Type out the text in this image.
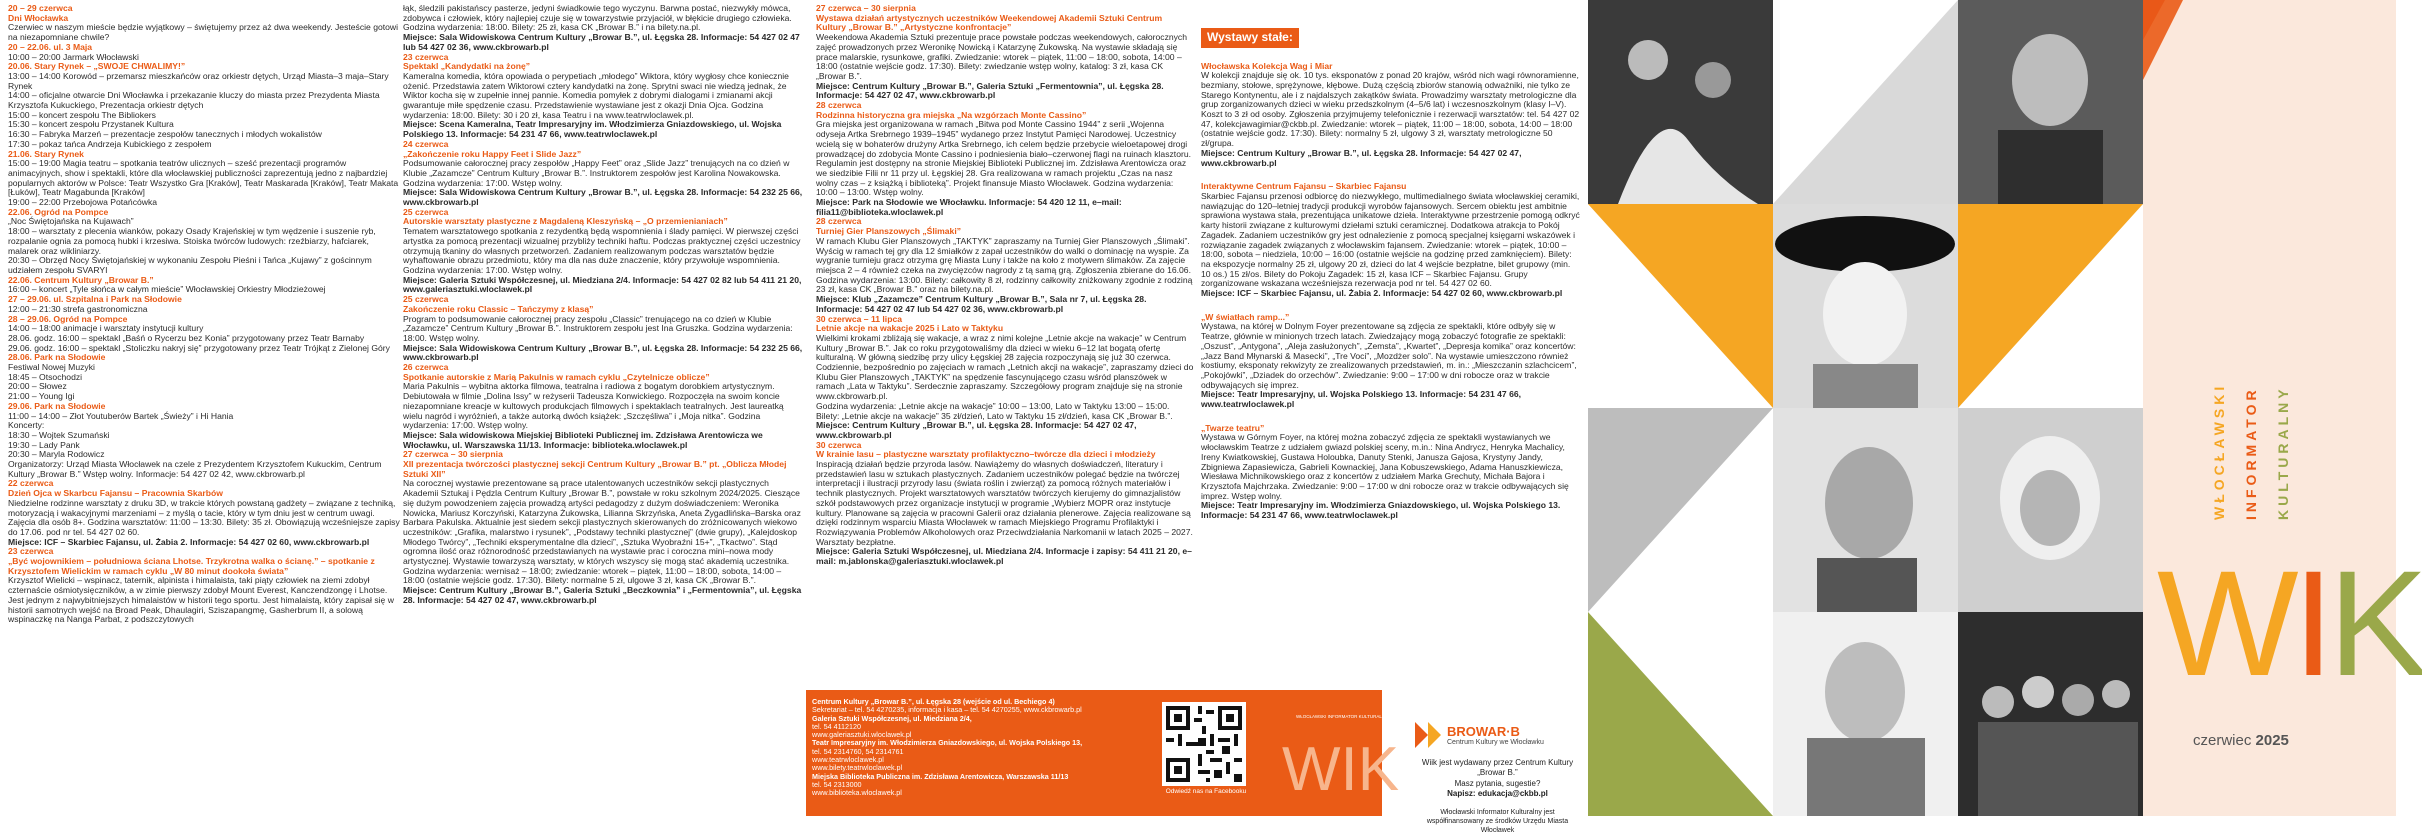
20 – 29 czerwca

Dni Włocławka

Czerwiec w naszym mieście będzie wyjątkowy – świętujemy przez aż dwa weekendy. Jesteście gotowi na niezapomniane chwile?

20 – 22.06. ul. 3 Maja

10:00 – 20:00 Jarmark Włocławski

20.06. Stary Rynek – „SWOJE CHWALIMY!”

13:00 – 14:00 Korowód – przemarsz mieszkańców oraz orkiestr dętych, Urząd Miasta–3 maja–Stary Rynek

14:00 – oficjalne otwarcie Dni Włocławka i przekazanie kluczy do miasta przez Prezydenta Miasta Krzysztofa Kukuckiego, Prezentacja orkiestr dętych

15:00 – koncert zespołu The Bibliokers

15:30 – koncert zespołu Przystanek Kultura

16:30 – Fabryka Marzeń – prezentacje zespołów tanecznych i młodych wokalistów

17:30 – pokaz tańca Andrzeja Kubickiego z zespołem

21.06. Stary Rynek

15:00 – 19:00 Magia teatru – spotkania teatrów ulicznych – sześć prezentacji programów animacyjnych, show i spektakli, które dla włocławskiej publiczności zaprezentują jedno z najbardziej popularnych aktorów w Polsce: Teatr Wszystko Gra [Kraków], Teatr Maskarada [Kraków], Teatr Makata [Łuków], Teatr Magabunda [Kraków]

19:00 – 22:00 Przebojowa Potańcówka

22.06. Ogród na Pompce

„Noc Świętojańska na Kujawach”

18:00 – warsztaty z plecenia wianków, pokazy Osady Krajeńskiej w tym wędzenie i suszenie ryb, rozpalanie ognia za pomocą hubki i krzesiwa. Stoiska twórców ludowych: rzeźbiarzy, hafciarek, malarek oraz wikliniarzy.

20:30 – Obrzęd Nocy Świętojańskiej w wykonaniu Zespołu Pieśni i Tańca „Kujawy” z gościnnym udziałem zespołu SVARYI

22.06. Centrum Kultury „Browar B.”

16:00 – koncert „Tyle słońca w całym mieście” Włocławskiej Orkiestry Młodzieżowej

27 – 29.06. ul. Szpitalna i Park na Słodowie

12:00 – 21:30 strefa gastronomiczna

28 – 29.06. Ogród na Pompce

14:00 – 18:00 animacje i warsztaty instytucji kultury

28.06. godz. 16:00 – spektakl „Baśń o Rycerzu bez Konia” przygotowany przez Teatr Barnaby

29.06. godz. 16:00 – spektakl „Stoliczku nakryj się” przygotowany przez Teatr Trójkąt z Zielonej Góry

28.06. Park na Słodowie

Festiwal Nowej Muzyki

18:45 – Otsochodzi

20:00 – Słowez

21:00 – Young Igi

29.06. Park na Słodowie

11:00 – 14:00 – Złot Youtuberów Bartek „Świeży” i Hi Hania

Koncerty:

18:30 – Wojtek Szumański

19:30 – Lady Pank

20:30 – Maryla Rodowicz

Organizatorzy: Urząd Miasta Włocławek na czele z Prezydentem Krzysztofem Kukuckim, Centrum Kultury „Browar B.” Wstęp wolny. Informacje: 54 427 02 42, www.ckbrowarb.pl

22 czerwca

Dzień Ojca w Skarbcu Fajansu – Pracownia Skarbów

Niedzielne rodzinne warsztaty z druku 3D, w trakcie których powstaną gadżety – związane z techniką, motoryzacją i wakacyjnymi marzeniami – z myślą o tacie, który w tym dniu jest w centrum uwagi. Zajęcia dla osób 8+. Godzina warsztatów: 11:00 – 13:30. Bilety: 35 zł. Obowiązują wcześniejsze zapisy do 17.06. pod nr tel. 54 427 02 60.

Miejsce: ICF – Skarbiec Fajansu, ul. Żabia 2. Informacje: 54 427 02 60, www.ckbrowarb.pl

23 czerwca

„Być wojownikiem – południowa ściana Lhotse. Trzykrotna walka o ścianę.” – spotkanie z Krzysztofem Wielickim w ramach cyklu „W 80 minut dookoła świata”

Krzysztof Wielicki – wspinacz, taternik, alpinista i himalaista, taki piąty człowiek na ziemi zdobył czternaście ośmiotysięczników, a w zimie pierwszy zdobył Mount Everest, Kanczendzongę i Lhotse. Jest jednym z najwybitniejszych himalaistów w historii tego sportu. Jest himalaistą, który zapisał się w historii samotnych wejść na Broad Peak, Dhaulagiri, Sziszapangmę, Gasherbrum II, a solową wspinaczkę na Nanga Parbat, z podszczytowych

łąk, śledzili pakistańscy pasterze, jedyni świadkowie tego wyczynu. Barwna postać, niezwykły mówca, zdobywca i człowiek, który najlepiej czuje się w towarzystwie przyjaciół, w błękicie drugiego człowieka. Godzina wydarzenia: 18:00. Bilety: 25 zł, kasa CK „Browar B.” i na bilety.na.pl.

Miejsce: Sala Widowiskowa Centrum Kultury „Browar B.”, ul. Łęgska 28. Informacje: 54 427 02 47 lub 54 427 02 36, www.ckbrowarb.pl

23 czerwca

Spektakl „Kandydatki na żonę”

Kameralna komedia, która opowiada o perypetiach „młodego” Wiktora, który wygłosy chce koniecznie ożenić. Przedstawia zatem Wiktorowi cztery kandydatki na żonę. Sprytni swaci nie wiedzą jednak, że Wiktor kocha się w zupełnie innej pannie. Komedia pomyłek z dobrymi dialogami i zmianami akcji gwarantuje miłe spędzenie czasu. Przedstawienie wystawiane jest z okazji Dnia Ojca. Godzina wydarzenia: 18:00. Bilety: 30 i 20 zł, kasa Teatru i na www.teatrwloclawek.pl.

Miejsce: Scena Kameralna, Teatr Impresaryjny im. Włodzimierza Gniazdowskiego, ul. Wojska Polskiego 13. Informacje: 54 231 47 66, www.teatrwloclawek.pl

24 czerwca

„Zakończenie roku Happy Feet i Slide Jazz”

Podsumowanie całorocznej pracy zespołów „Happy Feet” oraz „Slide Jazz” trenujących na co dzień w Klubie „Zazamcze” Centrum Kultury „Browar B.”. Instruktorem zespołów jest Karolina Nowakowska. Godzina wydarzenia: 17:00. Wstęp wolny.

Miejsce: Sala Widowiskowa Centrum Kultury „Browar B.”, ul. Łęgska 28. Informacje: 54 232 25 66, www.ckbrowarb.pl

25 czerwca

Autorskie warsztaty plastyczne z Magdaleną Kleszyńską – „O przemienianiach”

Tematem warsztatowego spotkania z rezydentką będą wspomnienia i ślady pamięci. W pierwszej części artystka za pomocą prezentacji wizualnej przybliży techniki haftu. Podczas praktycznej części uczestnicy otrzymują tkaniny do własnych przetworzeń. Zadaniem realizowanym podczas warsztatów będzie wyhaftowanie obrazu przedmiotu, który ma dla nas duże znaczenie, który przywołuje wspomnienia. Godzina wydarzenia: 17:00. Wstęp wolny.

Miejsce: Galeria Sztuki Współczesnej, ul. Miedziana 2/4. Informacje: 54 427 02 82 lub 54 411 21 20, www.galeriasztuki.wloclawek.pl

25 czerwca

Zakończenie roku Classic – Tańczymy z klasą”

Program to podsumowanie całorocznej pracy zespołu „Classic” trenującego na co dzień w Klubie „Zazamcze” Centrum Kultury „Browar B.”. Instruktorem zespołu jest Ina Gruszka. Godzina wydarzenia: 18:00. Wstęp wolny.

Miejsce: Sala Widowiskowa Centrum Kultury „Browar B.”, ul. Łęgska 28. Informacje: 54 232 25 66, www.ckbrowarb.pl

26 czerwca

Spotkanie autorskie z Marią Pakulnis w ramach cyklu „Czytelnicze oblicze”

Maria Pakulnis – wybitna aktorka filmowa, teatralna i radiowa z bogatym dorobkiem artystycznym. Debiutowała w filmie „Dolina Issy” w reżyserii Tadeusza Konwickiego. Rozpoczęła na swoim koncie niezapomniane kreacje w kultowych produkcjach filmowych i spektaklach teatralnych. Jest laureatką wielu nagród i wyróżnień, a także autorką dwóch książek: „Szczęśliwa” i „Moja nitka”. Godzina wydarzenia: 17:00. Wstęp wolny.

Miejsce: Sala widowiskowa Miejskiej Biblioteki Publicznej im. Zdzisława Arentowicza we Włocławku, ul. Warszawska 11/13. Informacje: biblioteka.wloclawek.pl

27 czerwca – 30 sierpnia

XII prezentacja twórczości plastycznej sekcji Centrum Kultury „Browar B.” pt. „Oblicza Młodej Sztuki XII”

Na corocznej wystawie prezentowane są prace utalentowanych uczestników sekcji plastycznych Akademii Sztukaj i Pędzla Centrum Kultury „Browar B.”, powstałe w roku szkolnym 2024/2025. Cieszące się dużym powodzeniem zajęcia prowadzą artyści pedagodzy z dużym doświadczeniem: Weronika Nowicka, Mariusz Korczyński, Katarzyna Żukowska, Lilianna Skrzyńska, Aneta Żygadlińska–Barska oraz Barbara Pakulska. Aktualnie jest siedem sekcji plastycznych skierowanych do zróżnicowanych wiekowo uczestników: „Grafika, malarstwo i rysunek”, „Podstawy techniki plastycznej” (dwie grupy), „Kalejdoskop Młodego Twórcy”, „Techniki eksperymentalne dla dzieci”, „Sztuka Wyobraźni 15+”, „Tkactwo”. Stąd ogromna ilość oraz różnorodność przedstawianych na wystawie prac i coroczna mini–nowa mody artystycznej. Wystawie towarzyszą warsztaty, w których wszyscy się mogą stać akademią uczestnika. Godzina wydarzenia: wernisaż – 18:00; zwiedzanie: wtorek – piątek, 11:00 – 18:00, sobota, 14:00 – 18:00 (ostatnie wejście godz. 17:30). Bilety: normalne 5 zł, ulgowe 3 zł, kasa CK „Browar B.”.

Miejsce: Centrum Kultury „Browar B.”, Galeria Sztuki „Beczkownia” i „Fermentownia”, ul. Łęgska 28. Informacje: 54 427 02 47, www.ckbrowarb.pl

27 czerwca – 30 sierpnia

Wystawa działań artystycznych uczestników Weekendowej Akademii Sztuki Centrum Kultury „Browar B.” „Artystyczne konfrontacje”

Weekendowa Akademia Sztuki prezentuje prace powstałe podczas weekendowych, całorocznych zajęć prowadzonych przez Weronikę Nowicką i Katarzynę Żukowską. Na wystawie składają się prace malarskie, rysunkowe, grafiki. Zwiedzanie: wtorek – piątek, 11:00 – 18:00, sobota, 14:00 – 18:00 (ostatnie wejście godz. 17:30). Bilety: zwiedzanie wstęp wolny, katalog: 3 zł, kasa CK „Browar B.”.

Miejsce: Centrum Kultury „Browar B.”, Galeria Sztuki „Fermentownia”, ul. Łęgska 28. Informacje: 54 427 02 47, www.ckbrowarb.pl

28 czerwca

Rodzinna historyczna gra miejska „Na wzgórzach Monte Cassino”

Gra miejska jest organizowana w ramach „Bitwa pod Monte Cassino 1944” z serii „Wojenna odyseja Artka Srebrnego 1939–1945” wydanego przez Instytut Pamięci Narodowej. Uczestnicy wcielą się w bohaterów drużyny Artka Srebrnego, ich celem będzie przebycie wieloetapowej drogi prowadzącej do zdobycia Monte Cassino i podniesienia biało–czerwonej flagi na ruinach klasztoru. Regulamin jest dostępny na stronie Miejskiej Biblioteki Publicznej im. Zdzisława Arentowicza oraz we siedzibie Filii nr 11 przy ul. Łęgskiej 28. Gra realizowana w ramach projektu „Czas na nasz wolny czas – z książką i biblioteką”. Projekt finansuje Miasto Włocławek. Godzina wydarzenia: 10:00 – 13:00. Wstęp wolny.

Miejsce: Park na Słodowie we Włocławku. Informacje: 54 420 12 11, e–mail: filia11@biblioteka.wloclawek.pl

28 czerwca

Turniej Gier Planszowych „Ślimaki”

W ramach Klubu Gier Planszowych „TAKTYK” zapraszamy na Turniej Gier Planszowych „Ślimaki”. Wyścig w ramach tej gry dla 12 śmiałków z zapał uczestników do walki o dominację na wyspie. Za wygranie turnieju gracz otrzyma grę Miasta Luny i także na koło z motywem ślimaków. Za zajęcie miejsca 2 – 4 również czeka na zwycięzców nagrody z tą samą grą. Zgłoszenia zbierane do 16.06. Godzina wydarzenia: 13:00. Bilety: całkowity 8 zł, rodzinny całkowity zniżkowany zgodnie z rodziną 23 zł, kasa CK „Browar B.” oraz na bilety.na.pl.

Miejsce: Klub „Zazamcze” Centrum Kultury „Browar B.”, Sala nr 7, ul. Łęgska 28. Informacje: 54 427 02 47 lub 54 427 02 36, www.ckbrowarb.pl

30 czerwca – 11 lipca

Letnie akcje na wakacje 2025 i Lato w Taktyku

Wielkimi krokami zbliżają się wakacje, a wraz z nimi kolejne „Letnie akcje na wakacje” w Centrum Kultury „Browar B.”. Jak co roku przygotowaliśmy dla dzieci w wieku 6–12 lat bogatą ofertę kulturalną. W główną siedzibę przy ulicy Łęgskiej 28 zajęcia rozpoczynają się już 30 czerwca. Codziennie, bezpośrednio po zajęciach w ramach „Letnich akcji na wakacje”, zapraszamy dzieci do Klubu Gier Planszowych „TAKTYK” na spędzenie fascynującego czasu wśród planszówek w ramach „Lata w Taktyku”. Serdecznie zapraszamy. Szczegółowy program znajduje się na stronie www.ckbrowarb.pl.

Godzina wydarzenia: „Letnie akcje na wakacje” 10:00 – 13:00, Lato w Taktyku 13:00 – 15:00. Bilety: „Letnie akcje na wakacje” 35 zł/dzień, Lato w Taktyku 15 zł/dzień, kasa CK „Browar B.”.

Miejsce: Centrum Kultury „Browar B.”, ul. Łęgska 28. Informacje: 54 427 02 47, www.ckbrowarb.pl

30 czerwca

W krainie lasu – plastyczne warsztaty profilaktyczno–twórcze dla dzieci i młodzieży

Inspiracją działań będzie przyroda lasów. Nawiążemy do własnych doświadczeń, literatury i przedstawień lasu w sztukach plastycznych. Zadaniem uczestników polegać będzie na twórczej interpretacji i ilustracji przyrody lasu (świata roślin i zwierząt) za pomocą różnych materiałów i technik plastycznych. Projekt warsztatowych warsztatów twórczych kierujemy do gimnazjalistów szkół podstawowych przez organizacje instytucji w programie „Wybierz MOPR oraz instytucje kultury. Planowane są zajęcia w pracowni Galerii oraz działania plenerowe. Zajęcia realizowane są dzięki rodzinnym wsparciu Miasta Włocławek w ramach Miejskiego Programu Profilaktyki i Rozwiązywania Problemów Alkoholowych oraz Przeciwdziałania Narkomanii w latach 2025 – 2027. Warsztaty bezpłatne.

Miejsce: Galeria Sztuki Współczesnej, ul. Miedziana 2/4. Informacje i zapisy: 54 411 21 20, e–mail: m.jablonska@galeriasztuki.wloclawek.pl

Wystawy stałe:

Włocławska Kolekcja Wag i Miar

W kolekcji znajduje się ok. 10 tys. eksponatów z ponad 20 krajów, wśród nich wagi równoramienne, bezmiany, stołowe, sprężynowe, kłębowe. Dużą częścią zbiorów stanowią odważniki, nie tylko ze Starego Kontynentu, ale i z najdalszych zakątków świata. Prowadzimy warsztaty metrologiczne dla grup zorganizowanych dzieci w wieku przedszkolnym (4–5/6 lat) i wczesnoszkolnym (klasy I–V). Koszt to 3 zł od osoby. Zgłoszenia przyjmujemy telefonicznie i rezerwacji warsztatów: tel. 54 427 02 47, kolekcjawagimiar@ckbb.pl. Zwiedzanie: wtorek – piątek, 11:00 – 18:00, sobota, 14:00 – 18:00 (ostatnie wejście godz. 17:30). Bilety: normalny 5 zł, ulgowy 3 zł, warsztaty metrologiczne 50 zł/grupa.

Miejsce: Centrum Kultury „Browar B.”, ul. Łęgska 28. Informacje: 54 427 02 47, www.ckbrowarb.pl

Interaktywne Centrum Fajansu – Skarbiec Fajansu

Skarbiec Fajansu przenosi odbiorcę do niezwykłego, multimedialnego świata włocławskiej ceramiki, nawiązując do 120–letniej tradycji produkcji wyrobów fajansowych. Sercem obiektu jest ambitnie sprawiona wystawa stała, prezentująca unikatowe dzieła. Interaktywne przestrzenie pomogą odkryć karty historii związane z kulturowymi dziełami sztuki ceramicznej. Dodatkowa atrakcja to Pokój Zagadek. Zadaniem uczestników gry jest odnalezienie z pomocą specjalnej księgarni wskazówek i rozwiązanie zagadek związanych z włocławskim fajansem. Zwiedzanie: wtorek – piątek, 10:00 – 18:00, sobota – niedziela, 10:00 – 16:00 (ostatnie wejście na godzinę przed zamknięciem). Bilety: na ekspozycje normalny 25 zł, ulgowy 20 zł, dzieci do lat 4 wejście bezpłatne, bilet grupowy (min. 10 os.) 15 zł/os. Bilety do Pokoju Zagadek: 15 zł, kasa ICF – Skarbiec Fajansu. Grupy zorganizowane wskazana wcześniejsza rezerwacja pod nr tel. 54 427 02 60.

Miejsce: ICF – Skarbiec Fajansu, ul. Żabia 2. Informacje: 54 427 02 60, www.ckbrowarb.pl

„W światłach ramp...”

Wystawa, na której w Dolnym Foyer prezentowane są zdjęcia ze spektakli, które odbyły się w Teatrze, głównie w minionych trzech latach. Zwiedzający mogą zobaczyć fotografie ze spektakli: „Oszust”, „Antygona”, „Aleja zasłużonych”, „Zemsta”, „Kwartet”, „Depresja komika” oraz koncertów: „Jazz Band Młynarski & Masecki”, „Tre Voci”, „Mozdżer solo”. Na wystawie umieszczono również kostiumy, eksponaty rekwizyty ze zrealizowanych przedstawień, m. in.: „Mieszczanin szlachcicem”, „Pokojówki”, „Dziadek do orzechów”. Zwiedzanie: 9:00 – 17:00 w dni robocze oraz w trakcie odbywających się imprez.

Miejsce: Teatr Impresaryjny, ul. Wojska Polskiego 13. Informacje: 54 231 47 66, www.teatrwloclawek.pl

„Twarze teatru”

Wystawa w Górnym Foyer, na której można zobaczyć zdjęcia ze spektakli wystawianych we włocławskim Teatrze z udziałem gwiazd polskiej sceny, m.in.: Nina Andrycz, Henryka Machalicy, Ireny Kwiatkowskiej, Gustawa Holoubka, Danuty Stenki, Janusza Gajosa, Krystyny Jandy, Zbigniewa Zapasiewicza, Gabrieli Kownackiej, Jana Kobuszewskiego, Adama Hanuszkiewicza, Wiesława Michnikowskiego oraz z koncertów z udziałem Marka Grechuty, Michała Bajora i Krzysztofa Majchrzaka. Zwiedzanie: 9:00 – 17:00 w dni robocze oraz w trakcie odbywających się imprez. Wstęp wolny.

Miejsce: Teatr Impresaryjny im. Włodzimierza Gniazdowskiego, ul. Wojska Polskiego 13. Informacje: 54 231 47 66, www.teatrwloclawek.pl

Centrum Kultury „Browar B.”, ul. Łęgska 28 (wejście od ul. Bechiego 4)
Sekretariat – tel. 54 4270235, informacja i kasa – tel. 54 4270255, www.ckbrowarb.pl
Galeria Sztuki Współczesnej, ul. Miedziana 2/4,
tel. 54 4112120
www.galeriasztuki.wloclawek.pl
Teatr Impresaryjny im. Włodzimierza Gniazdowskiego, ul. Wojska Polskiego 13,
tel. 54 2314760, 54 2314761
www.teatrwloclawek.pl
www.bilety.teatrwloclawek.pl
Miejska Biblioteka Publiczna im. Zdzisława Arentowicza, Warszawska 11/13
tel. 54 2313000
www.biblioteka.wloclawek.pl	Odwiedź nas na Facebooku WIK
WŁOCŁAWSKI INFORMATOR KULTURALNY
BROWAR·B
Centrum Kultury we Włocławku
Wiik jest wydawany przez Centrum Kultury „Browar B.”
Masz pytania, sugestie?
Napisz: edukacja@ckbb.pl
Włocławski Informator Kulturalny jest współfinansowany ze środków Urzędu Miasta Włocławek
WŁOCŁAWSKI INFORMATOR KULTURALNY
WIK
czerwiec 2025
